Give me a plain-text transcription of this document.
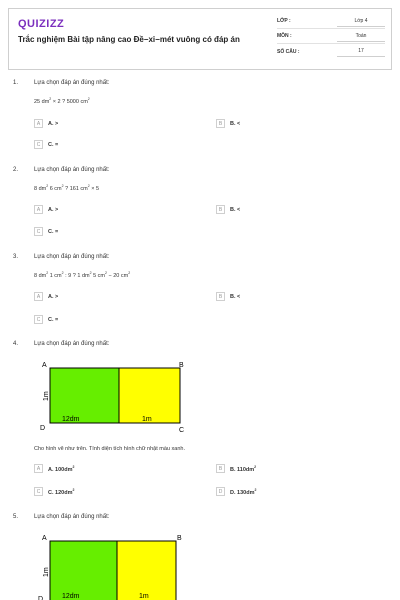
QUIZIZZ
Trắc nghiệm Bài tập nâng cao Đề−xi−mét vuông có đáp án
LỚP :	Lớp 4
MÔN :	Toán
SỐ CÂU :	17
1.	Lựa chọn đáp án đúng nhất:
25 $dm^2 \times 2$ ? 5000 $cm^2$
A	A. >	B	B. <
C	C. =
2.	Lựa chọn đáp án đúng nhất:
8 $dm^2$ 6 $cm^2$ ? 161 $cm^2 \times 5$
A	A. >	B	B. <
C	C. =
3.	Lựa chọn đáp án đúng nhất:
8 $dm^2$ 1 $cm^2$ : 9 ? 1 $dm^2$ 5 $cm^2 - 20$ $cm^2$
A	A. >	B	B. <
C	C. =
4.	Lựa chọn đáp án đúng nhất:
A	B
C
D
1m
12dm	1m
Cho hình vẽ như trên. Tính diện tích hình chữ nhật màu xanh.
A	A. $100dm^2$	B	B. $110dm^2$
C	C. $120dm^2$	D	D. $130dm^2$
5.	Lựa chọn đáp án đúng nhất:
A	B
D
1m
12dm	1m
